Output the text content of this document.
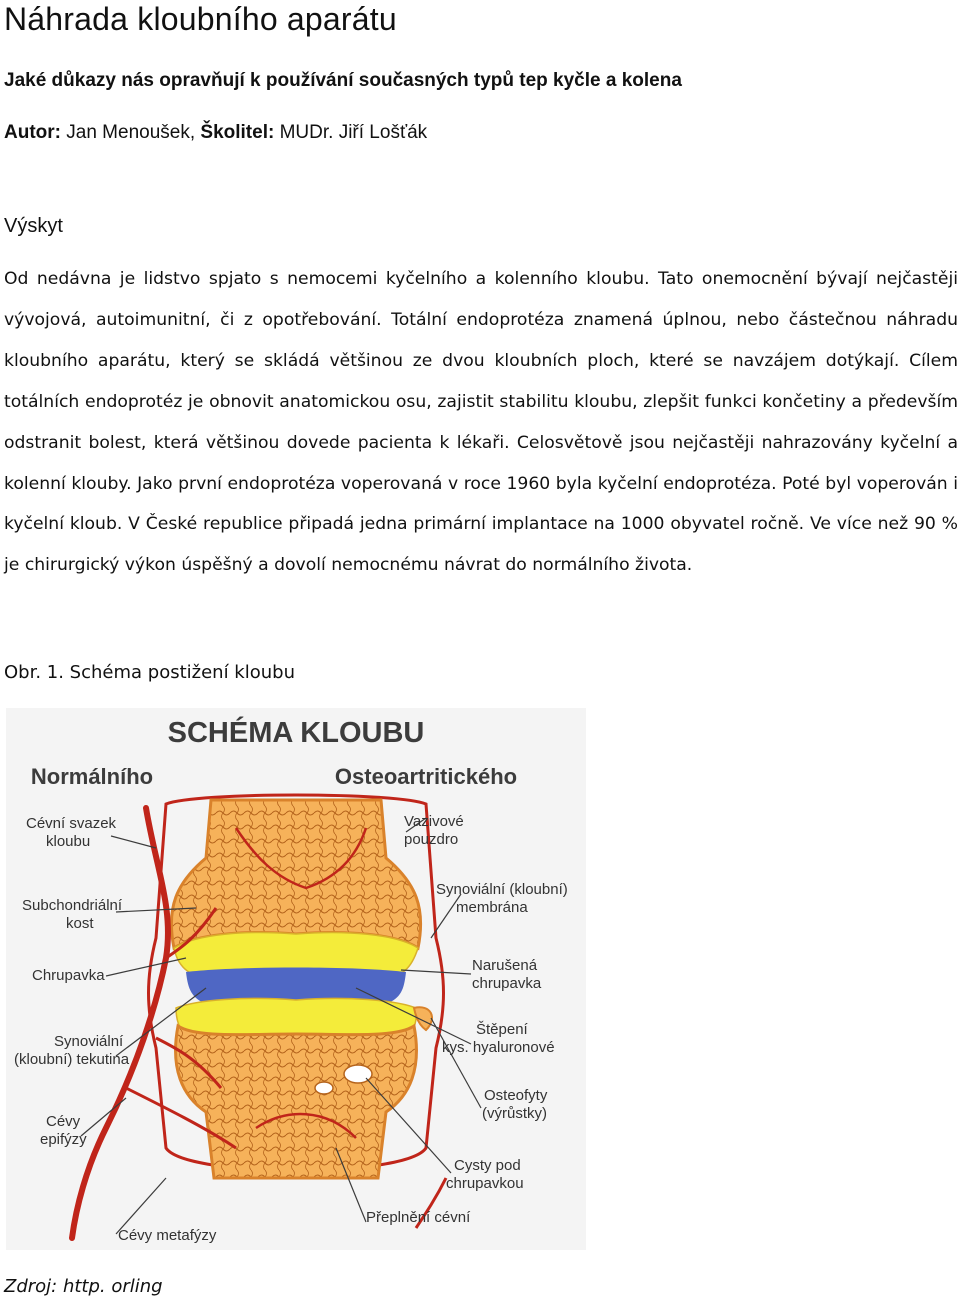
Náhrada kloubního aparátu

Jaké důkazy nás opravňují k používání současných typů tep kyčle a kolena

Autor: Jan Menoušek, Školitel: MUDr. Jiří Lošťák
Výskyt

Od nedávna je lidstvo spjato s nemocemi kyčelního a kolenního kloubu. Tato onemocnění bývají nejčastěji vývojová, autoimunitní, či z opotřebování. Totální endoprotéza znamená úplnou, nebo částečnou náhradu kloubního aparátu, který se skládá většinou ze dvou kloubních ploch, které se navzájem dotýkají. Cílem totálních endoprotéz je obnovit anatomickou osu, zajistit stabilitu kloubu, zlepšit funkci končetiny a především odstranit bolest, která většinou dovede pacienta k lékaři. Celosvětově jsou nejčastěji nahrazovány kyčelní a kolenní klouby. Jako první endoprotéza voperovaná v roce 1960 byla kyčelní endoprotéza. Poté byl voperován i kyčelní kloub. V České republice připadá jedna primární implantace na 1000 obyvatel ročně. Ve více než 90 % je chirurgický výkon úspěšný a dovolí nemocnému návrat do normálního života.

Obr. 1. Schéma postižení kloubu

SCHÉMA KLOUBU
Normálního	Osteoartritického
Cévní svazek kloubu
Subchondriální kost
Chrupavka
Synoviální (kloubní) tekutina
Cévy epifýzy
Cévy metafýzy
Vazivové pouzdro
Synoviální (kloubní) membrána
Narušená chrupavka
Štěpení kys. hyaluronové
Osteofyty (výrůstky)
Cysty pod chrupavkou
Přeplnění cévní

Zdroj: http. orling
